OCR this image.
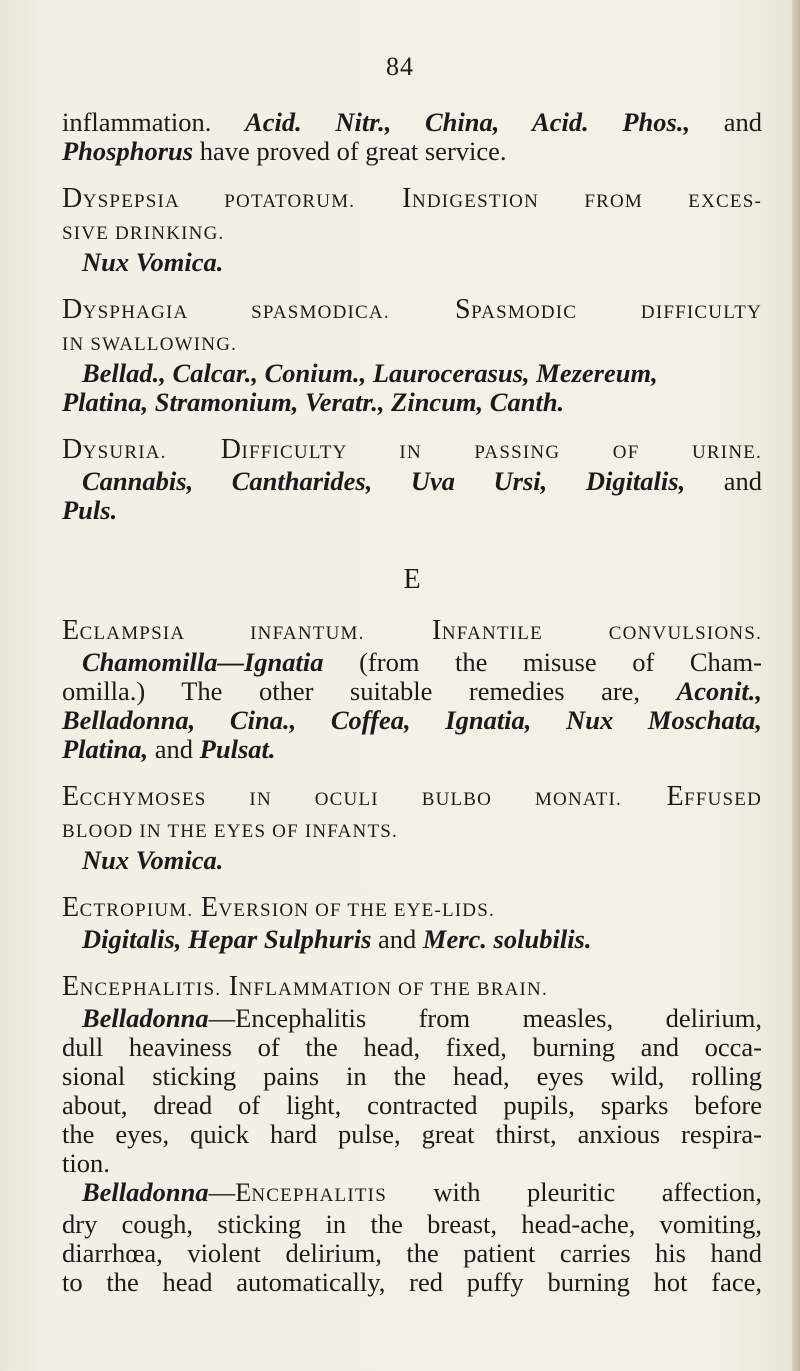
84

inflammation. Acid. Nitr., China, Acid. Phos., and

Phosphorus have proved of great service.

DYSPEPSIA POTATORUM. INDIGESTION FROM EXCES-

SIVE DRINKING.

Nux Vomica.

DYSPHAGIA SPASMODICA. SPASMODIC DIFFICULTY

IN SWALLOWING.

Bellad., Calcar., Conium., Laurocerasus, Mezereum,

Platina, Stramonium, Veratr., Zincum, Canth.

DYSURIA. DIFFICULTY IN PASSING OF URINE.

Cannabis, Cantharides, Uva Ursi, Digitalis, and

Puls.

E

ECLAMPSIA INFANTUM. INFANTILE CONVULSIONS.

Chamomilla—Ignatia (from the misuse of Cham-

omilla.) The other suitable remedies are, Aconit.,

Belladonna, Cina., Coffea, Ignatia, Nux Moschata,

Platina, and Pulsat.

ECCHYMOSES IN OCULI BULBO MONATI. EFFUSED

BLOOD IN THE EYES OF INFANTS.

Nux Vomica.

ECTROPIUM. EVERSION OF THE EYE-LIDS.

Digitalis, Hepar Sulphuris and Merc. solubilis.

ENCEPHALITIS. INFLAMMATION OF THE BRAIN.

Belladonna—Encephalitis from measles, delirium,

dull heaviness of the head, fixed, burning and occa-

sional sticking pains in the head, eyes wild, rolling

about, dread of light, contracted pupils, sparks before

the eyes, quick hard pulse, great thirst, anxious respira-

tion.

Belladonna—ENCEPHALITIS with pleuritic affection,

dry cough, sticking in the breast, head-ache, vomiting,

diarrhœa, violent delirium, the patient carries his hand

to the head automatically, red puffy burning hot face,
